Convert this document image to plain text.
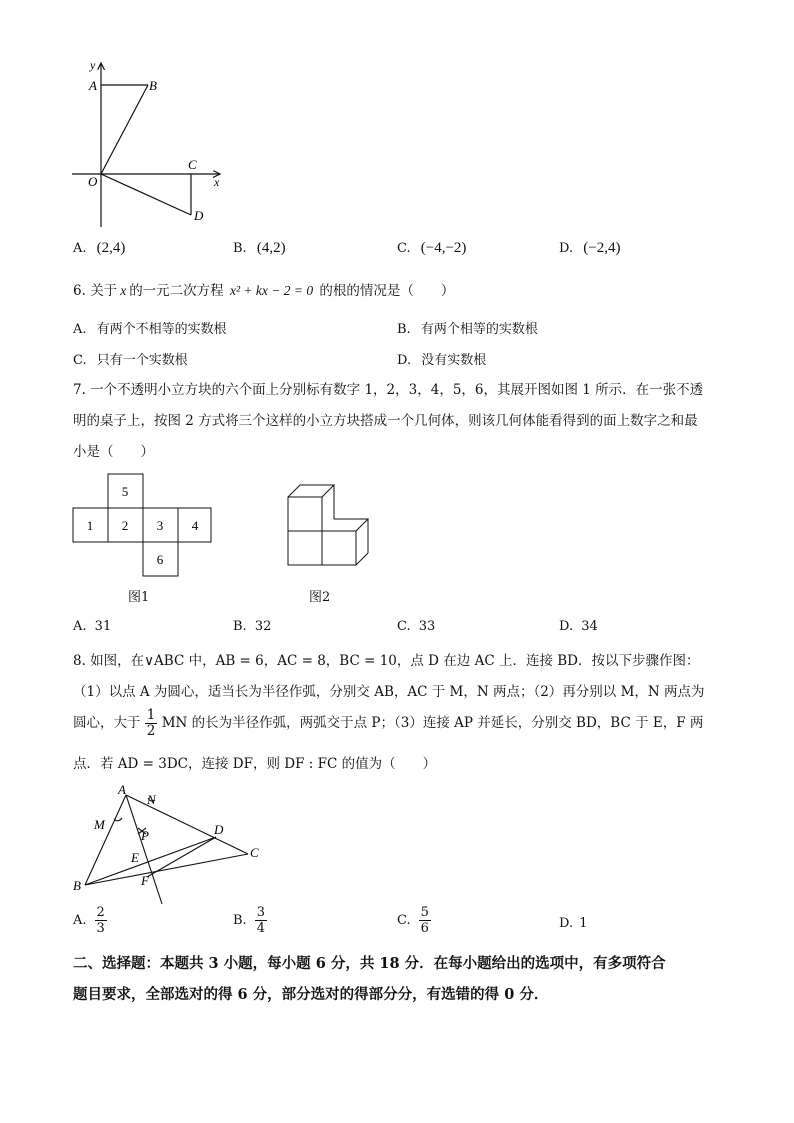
y
A	B
O
C
D
x
A. (2,4)	B. (4,2)	C. (−4,−2)	D. (−2,4)
6. 关于 x 的一元二次方程 x² + kx − 2 = 0 的根的情况是（　　）
A. 有两个不相等的实数根	B. 有两个相等的实数根
C. 只有一个实数根	D. 没有实数根
7. 一个不透明小立方块的六个面上分别标有数字 1，2，3，4，5，6，其展开图如图 1 所示．在一张不透
明的桌子上，按图 2 方式将三个这样的小立方块搭成一个几何体，则该几何体能看得到的面上数字之和最
小是（　　）
5
1 2 3 4
6
图1	图2
A. 31	B. 32	C. 33	D. 34
8. 如图，在∨ABC 中，AB = 6，AC = 8，BC = 10，点 D 在边 AC 上．连接 BD．按以下步骤作图：
（1）以点 A 为圆心，适当长为半径作弧，分别交 AB，AC 于 M，N 两点；（2）再分别以 M，N 两点为
圆心，大于 $\frac{1}{2}$ MN 的长为半径作弧，两弧交于点 P；（3）连接 AP 并延长，分别交 BD，BC 于 E，F 两
点．若 AD = 3DC，连接 DF，则 DF : FC 的值为（　　）
A
N
M
P	D
E	C
B	F
A. $\frac{2}{3}$	B. $\frac{3}{4}$	C. $\frac{5}{6}$	D. 1
二、选择题：本题共 3 小题，每小题 6 分，共 18 分．在每小题给出的选项中，有多项符合
题目要求，全部选对的得 6 分，部分选对的得部分分，有选错的得 0 分．
